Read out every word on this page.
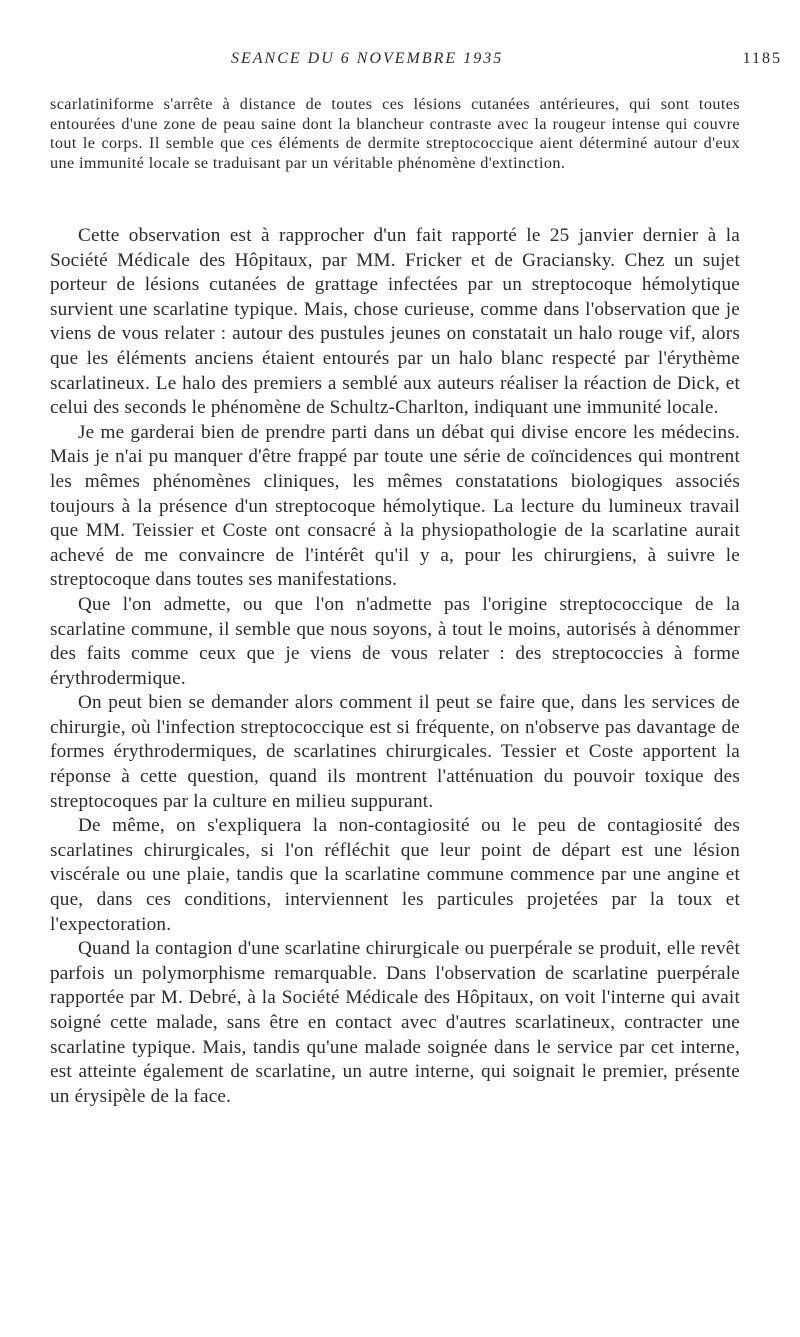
SEANCE DU 6 NOVEMBRE 1935	1185

scarlatiniforme s'arrête à distance de toutes ces lésions cutanées antérieures, qui sont toutes entourées d'une zone de peau saine dont la blancheur contraste avec la rougeur intense qui couvre tout le corps. Il semble que ces éléments de dermite streptococcique aient déterminé autour d'eux une immunité locale se traduisant par un véritable phénomène d'extinction.

Cette observation est à rapprocher d'un fait rapporté le 25 janvier dernier à la Société Médicale des Hôpitaux, par MM. Fricker et de Graciansky. Chez un sujet porteur de lésions cutanées de grattage infectées par un streptocoque hémolytique survient une scarlatine typique. Mais, chose curieuse, comme dans l'observation que je viens de vous relater : autour des pustules jeunes on constatait un halo rouge vif, alors que les éléments anciens étaient entourés par un halo blanc respecté par l'érythème scarlatineux. Le halo des premiers a semblé aux auteurs réaliser la réaction de Dick, et celui des seconds le phénomène de Schultz-Charlton, indiquant une immunité locale.

Je me garderai bien de prendre parti dans un débat qui divise encore les médecins. Mais je n'ai pu manquer d'être frappé par toute une série de coïncidences qui montrent les mêmes phénomènes cliniques, les mêmes constatations biologiques associés toujours à la présence d'un streptocoque hémolytique. La lecture du lumineux travail que MM. Teissier et Coste ont consacré à la physiopathologie de la scarlatine aurait achevé de me convaincre de l'intérêt qu'il y a, pour les chirurgiens, à suivre le streptocoque dans toutes ses manifestations.

Que l'on admette, ou que l'on n'admette pas l'origine streptococcique de la scarlatine commune, il semble que nous soyons, à tout le moins, autorisés à dénommer des faits comme ceux que je viens de vous relater : des streptococcies à forme érythrodermique.

On peut bien se demander alors comment il peut se faire que, dans les services de chirurgie, où l'infection streptococcique est si fréquente, on n'observe pas davantage de formes érythrodermiques, de scarlatines chirurgicales. Tessier et Coste apportent la réponse à cette question, quand ils montrent l'atténuation du pouvoir toxique des streptocoques par la culture en milieu suppurant.

De même, on s'expliquera la non-contagiosité ou le peu de contagiosité des scarlatines chirurgicales, si l'on réfléchit que leur point de départ est une lésion viscérale ou une plaie, tandis que la scarlatine commune commence par une angine et que, dans ces conditions, interviennent les particules projetées par la toux et l'expectoration.

Quand la contagion d'une scarlatine chirurgicale ou puerpérale se produit, elle revêt parfois un polymorphisme remarquable. Dans l'observation de scarlatine puerpérale rapportée par M. Debré, à la Société Médicale des Hôpitaux, on voit l'interne qui avait soigné cette malade, sans être en contact avec d'autres scarlatineux, contracter une scarlatine typique. Mais, tandis qu'une malade soignée dans le service par cet interne, est atteinte également de scarlatine, un autre interne, qui soignait le premier, présente un érysipèle de la face.
